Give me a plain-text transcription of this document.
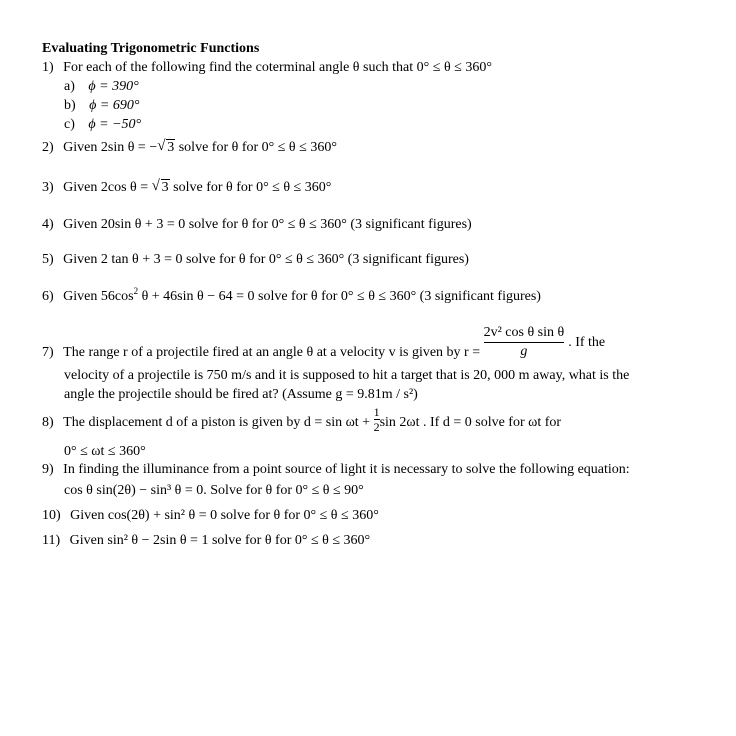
Evaluating Trigonometric Functions
1) For each of the following find the coterminal angle θ such that 0° ≤ θ ≤ 360°
a) ϕ = 390°
b) ϕ = 690°
c) ϕ = −50°
2) Given 2sin θ = − √ 3 solve for θ for 0° ≤ θ ≤ 360°
3) Given 2cos θ = √ 3 solve for θ for 0° ≤ θ ≤ 360°
4) Given 20sin θ + 3 = 0 solve for θ for 0° ≤ θ ≤ 360° (3 significant figures)
5) Given 2 tan θ + 3 = 0 solve for θ for 0° ≤ θ ≤ 360° (3 significant figures)
6) Given $56\cos^2$ θ + 46sin θ − 64 = 0 solve for θ for 0° ≤ θ ≤ 360° (3 significant figures)
7) The range r of a projectile fired at an angle θ at a velocity v is given by $r = \frac{\text{2v² cos θ sin θ}}{g}$ . If the
velocity of a projectile is 750 m/s and it is supposed to hit a target that is 20, 000 m away, what is the
angle the projectile should be fired at? (Assume g = 9.81m / s²)
8) The displacement d of a piston is given by $d = \sin \omega t + \frac{1}{2}$ sin 2ωt . If d = 0 solve for ωt for
0° ≤ ωt ≤ 360°
9) In finding the illuminance from a point source of light it is necessary to solve the following equation:
cos θ sin(2θ) − sin³ θ = 0. Solve for θ for 0° ≤ θ ≤ 90°
10) Given cos(2θ) + sin² θ = 0 solve for θ for 0° ≤ θ ≤ 360°
11) Given sin² θ − 2sin θ = 1 solve for θ for 0° ≤ θ ≤ 360°
